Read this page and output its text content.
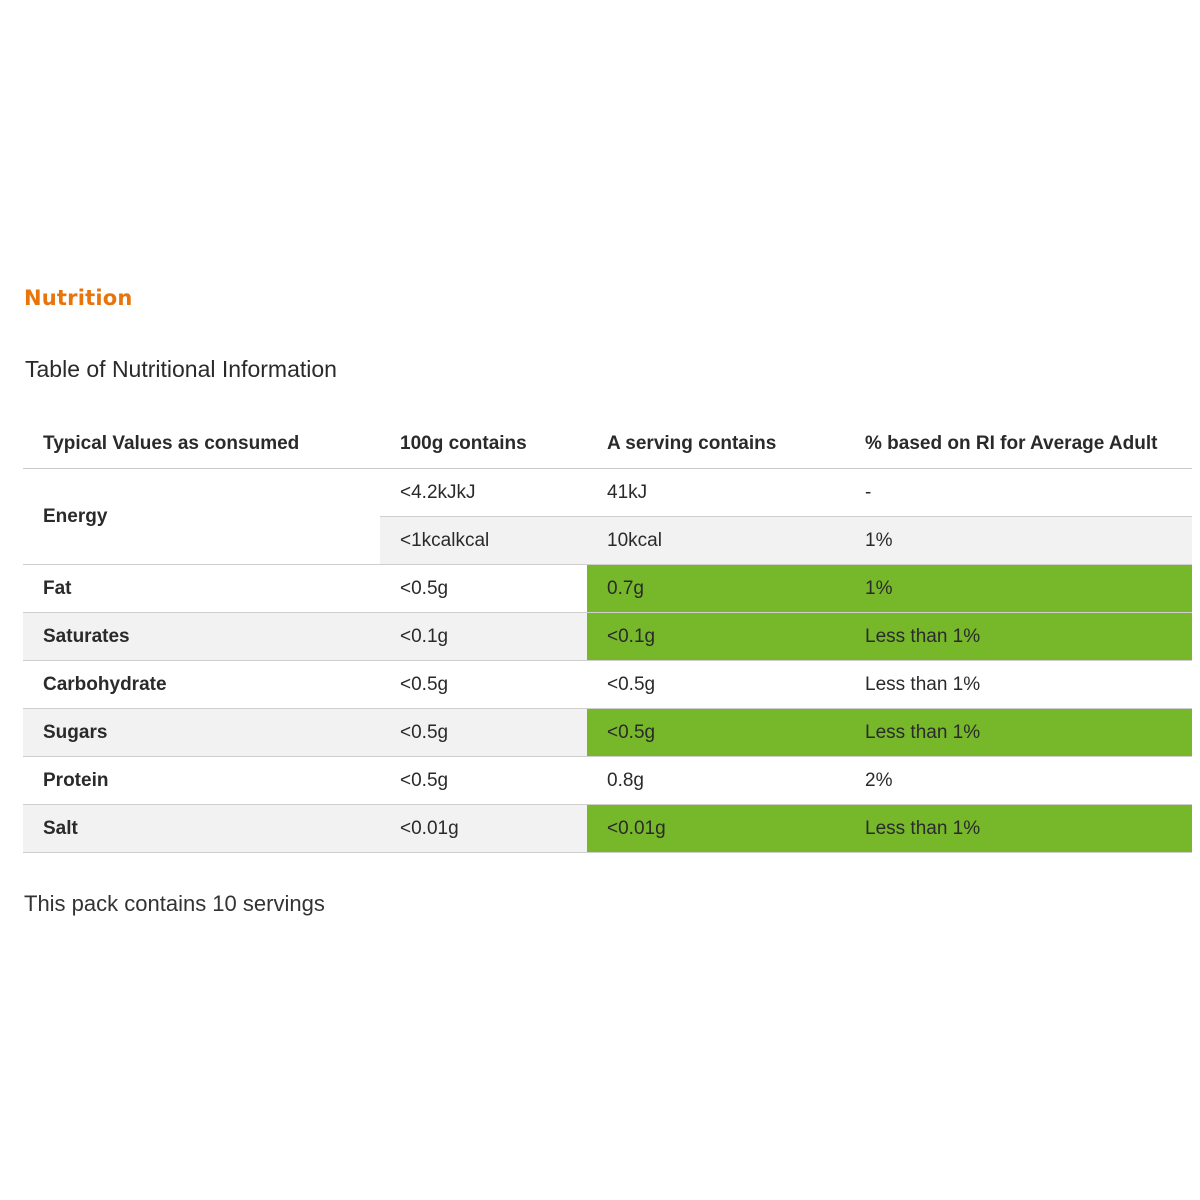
Nutrition
Table of Nutritional Information
Typical Values as consumed	100g contains	A serving contains	% based on RI for Average Adult
Energy	<4.2kJkJ	41kJ	-
	<1kcalkcal	10kcal	1%
Fat	<0.5g	0.7g	1%
Saturates	<0.1g	<0.1g	Less than 1%
Carbohydrate	<0.5g	<0.5g	Less than 1%
Sugars	<0.5g	<0.5g	Less than 1%
Protein	<0.5g	0.8g	2%
Salt	<0.01g	<0.01g	Less than 1%
This pack contains 10 servings
